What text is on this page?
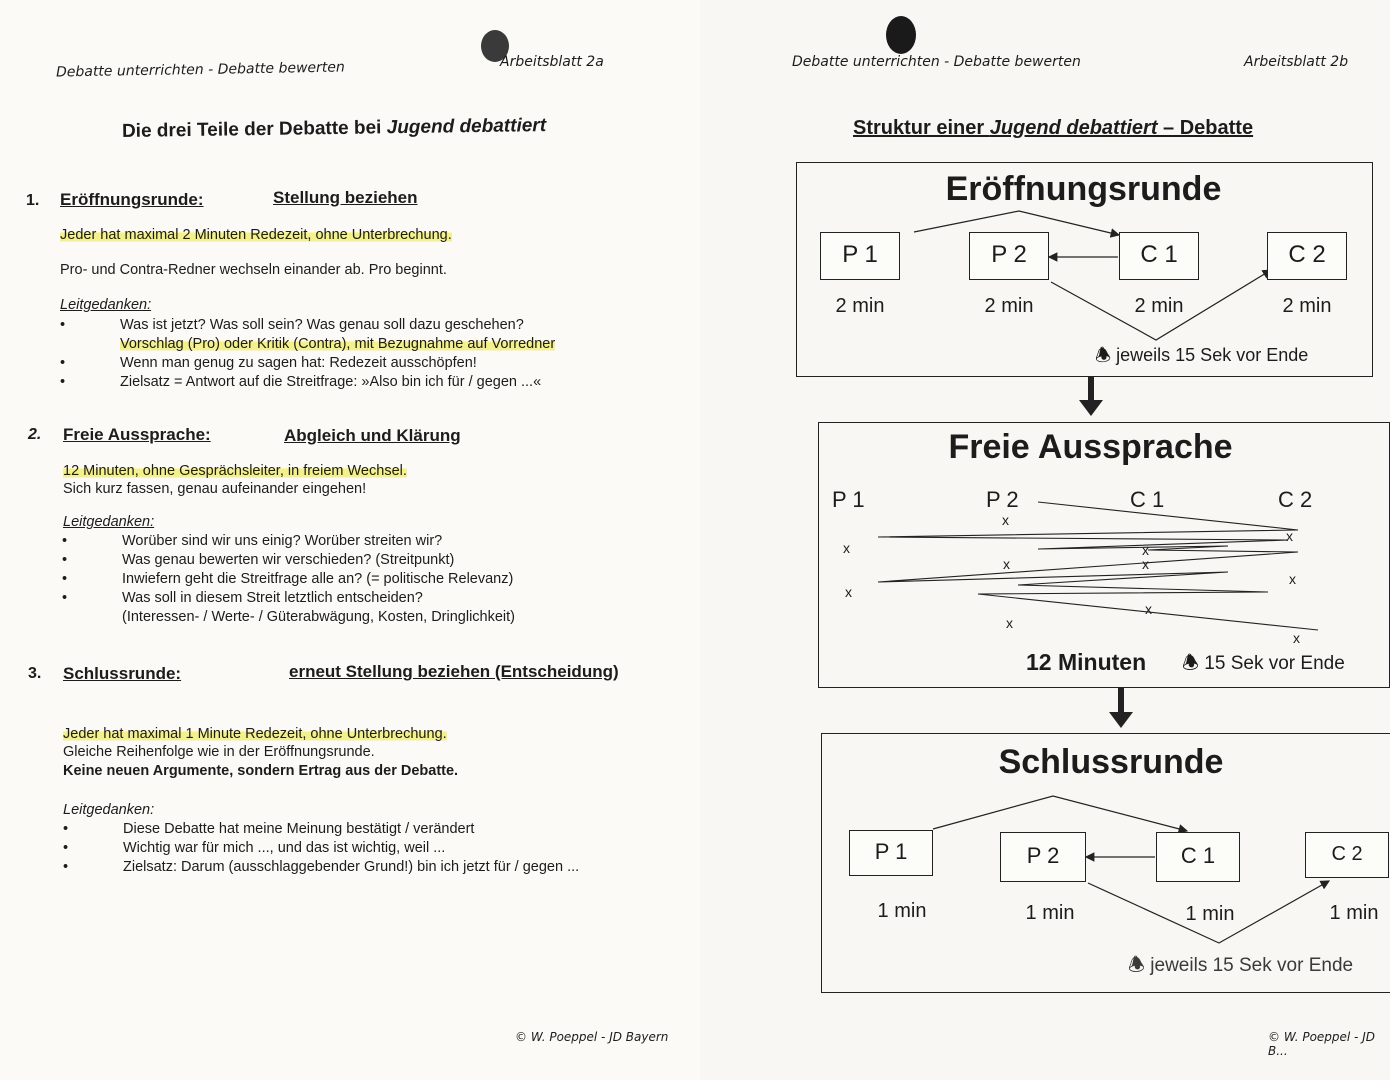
Debatte unterrichten - Debatte bewerten	Arbeitsblatt 2a
Die drei Teile der Debatte bei Jugend debattiert
1. Eröffnungsrunde:	Stellung beziehen
Jeder hat maximal 2 Minuten Redezeit, ohne Unterbrechung.
Pro- und Contra-Redner wechseln einander ab. Pro beginnt.
Leitgedanken:
• Was ist jetzt? Was soll sein? Was genau soll dazu geschehen?
Vorschlag (Pro) oder Kritik (Contra), mit Bezugnahme auf Vorredner
• Wenn man genug zu sagen hat: Redezeit ausschöpfen!
• Zielsatz = Antwort auf die Streitfrage: »Also bin ich für / gegen ...«
2. Freie Aussprache:	Abgleich und Klärung
12 Minuten, ohne Gesprächsleiter, in freiem Wechsel.
Sich kurz fassen, genau aufeinander eingehen!
Leitgedanken:
• Worüber sind wir uns einig? Worüber streiten wir?
• Was genau bewerten wir verschieden? (Streitpunkt)
• Inwiefern geht die Streitfrage alle an? (= politische Relevanz)
• Was soll in diesem Streit letztlich entscheiden?
(Interessen- / Werte- / Güterabwägung, Kosten, Dringlichkeit)
3. Schlussrunde:	erneut Stellung beziehen (Entscheidung)
Jeder hat maximal 1 Minute Redezeit, ohne Unterbrechung.
Gleiche Reihenfolge wie in der Eröffnungsrunde.
Keine neuen Argumente, sondern Ertrag aus der Debatte.
Leitgedanken:
• Diese Debatte hat meine Meinung bestätigt / verändert
• Wichtig war für mich ..., und das ist wichtig, weil ...
• Zielsatz: Darum (ausschlaggebender Grund!) bin ich jetzt für / gegen ...
© W. Poeppel - JD Bayern
Debatte unterrichten - Debatte bewerten	Arbeitsblatt 2b
Struktur einer Jugend debattiert – Debatte
Eröffnungsrunde
P 1	P 2	C 1	C 2
2 min	2 min	2 min	2 min
🕭 jeweils 15 Sek vor Ende
Freie Aussprache
P 1	P 2	C 1	C 2
x
x
x	x
x
x
x
x
x
x
x
12 Minuten 🕭 15 Sek vor Ende
Schlussrunde
P 1	P 2	C 1	C 2
1 min	1 min	1 min	1 min
🕭 jeweils 15 Sek vor Ende
© W. Poeppel - JD B...
